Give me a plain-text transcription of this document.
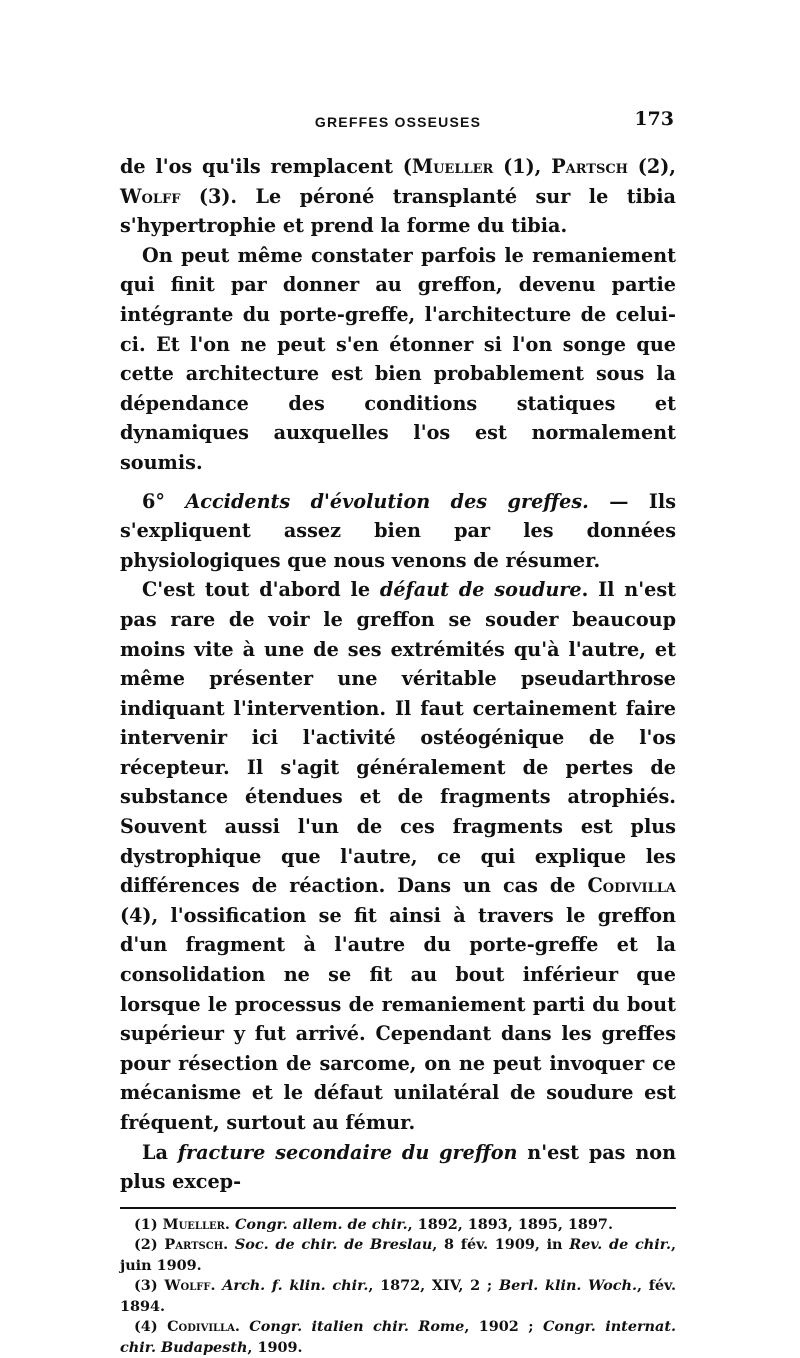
GREFFES OSSEUSES	173

de l'os qu'ils remplacent (Mueller (1), Partsch (2), Wolff (3). Le péroné transplanté sur le tibia s'hypertrophie et prend la forme du tibia.

On peut même constater parfois le remaniement qui finit par donner au greffon, devenu partie intégrante du porte-greffe, l'architecture de celui-ci. Et l'on ne peut s'en étonner si l'on songe que cette architecture est bien probablement sous la dépendance des conditions statiques et dynamiques auxquelles l'os est normalement soumis.

6° Accidents d'évolution des greffes. — Ils s'expliquent assez bien par les données physiologiques que nous venons de résumer.

C'est tout d'abord le défaut de soudure. Il n'est pas rare de voir le greffon se souder beaucoup moins vite à une de ses extrémités qu'à l'autre, et même présenter une véritable pseudarthrose indiquant l'intervention. Il faut certainement faire intervenir ici l'activité ostéogénique de l'os récepteur. Il s'agit généralement de pertes de substance étendues et de fragments atrophiés. Souvent aussi l'un de ces fragments est plus dystrophique que l'autre, ce qui explique les différences de réaction. Dans un cas de Codivilla (4), l'ossification se fit ainsi à travers le greffon d'un fragment à l'autre du porte-greffe et la consolidation ne se fit au bout inférieur que lorsque le processus de remaniement parti du bout supérieur y fut arrivé. Cependant dans les greffes pour résection de sarcome, on ne peut invoquer ce mécanisme et le défaut unilatéral de soudure est fréquent, surtout au fémur.

La fracture secondaire du greffon n'est pas non plus excep-

(1) Mueller. Congr. allem. de chir., 1892, 1893, 1895, 1897.

(2) Partsch. Soc. de chir. de Breslau, 8 fév. 1909, in Rev. de chir., juin 1909.

(3) Wolff. Arch. f. klin. chir., 1872, XIV, 2 ; Berl. klin. Woch., fév. 1894.

(4) Codivilla. Congr. italien chir. Rome, 1902 ; Congr. internat. chir. Budapesth, 1909.
